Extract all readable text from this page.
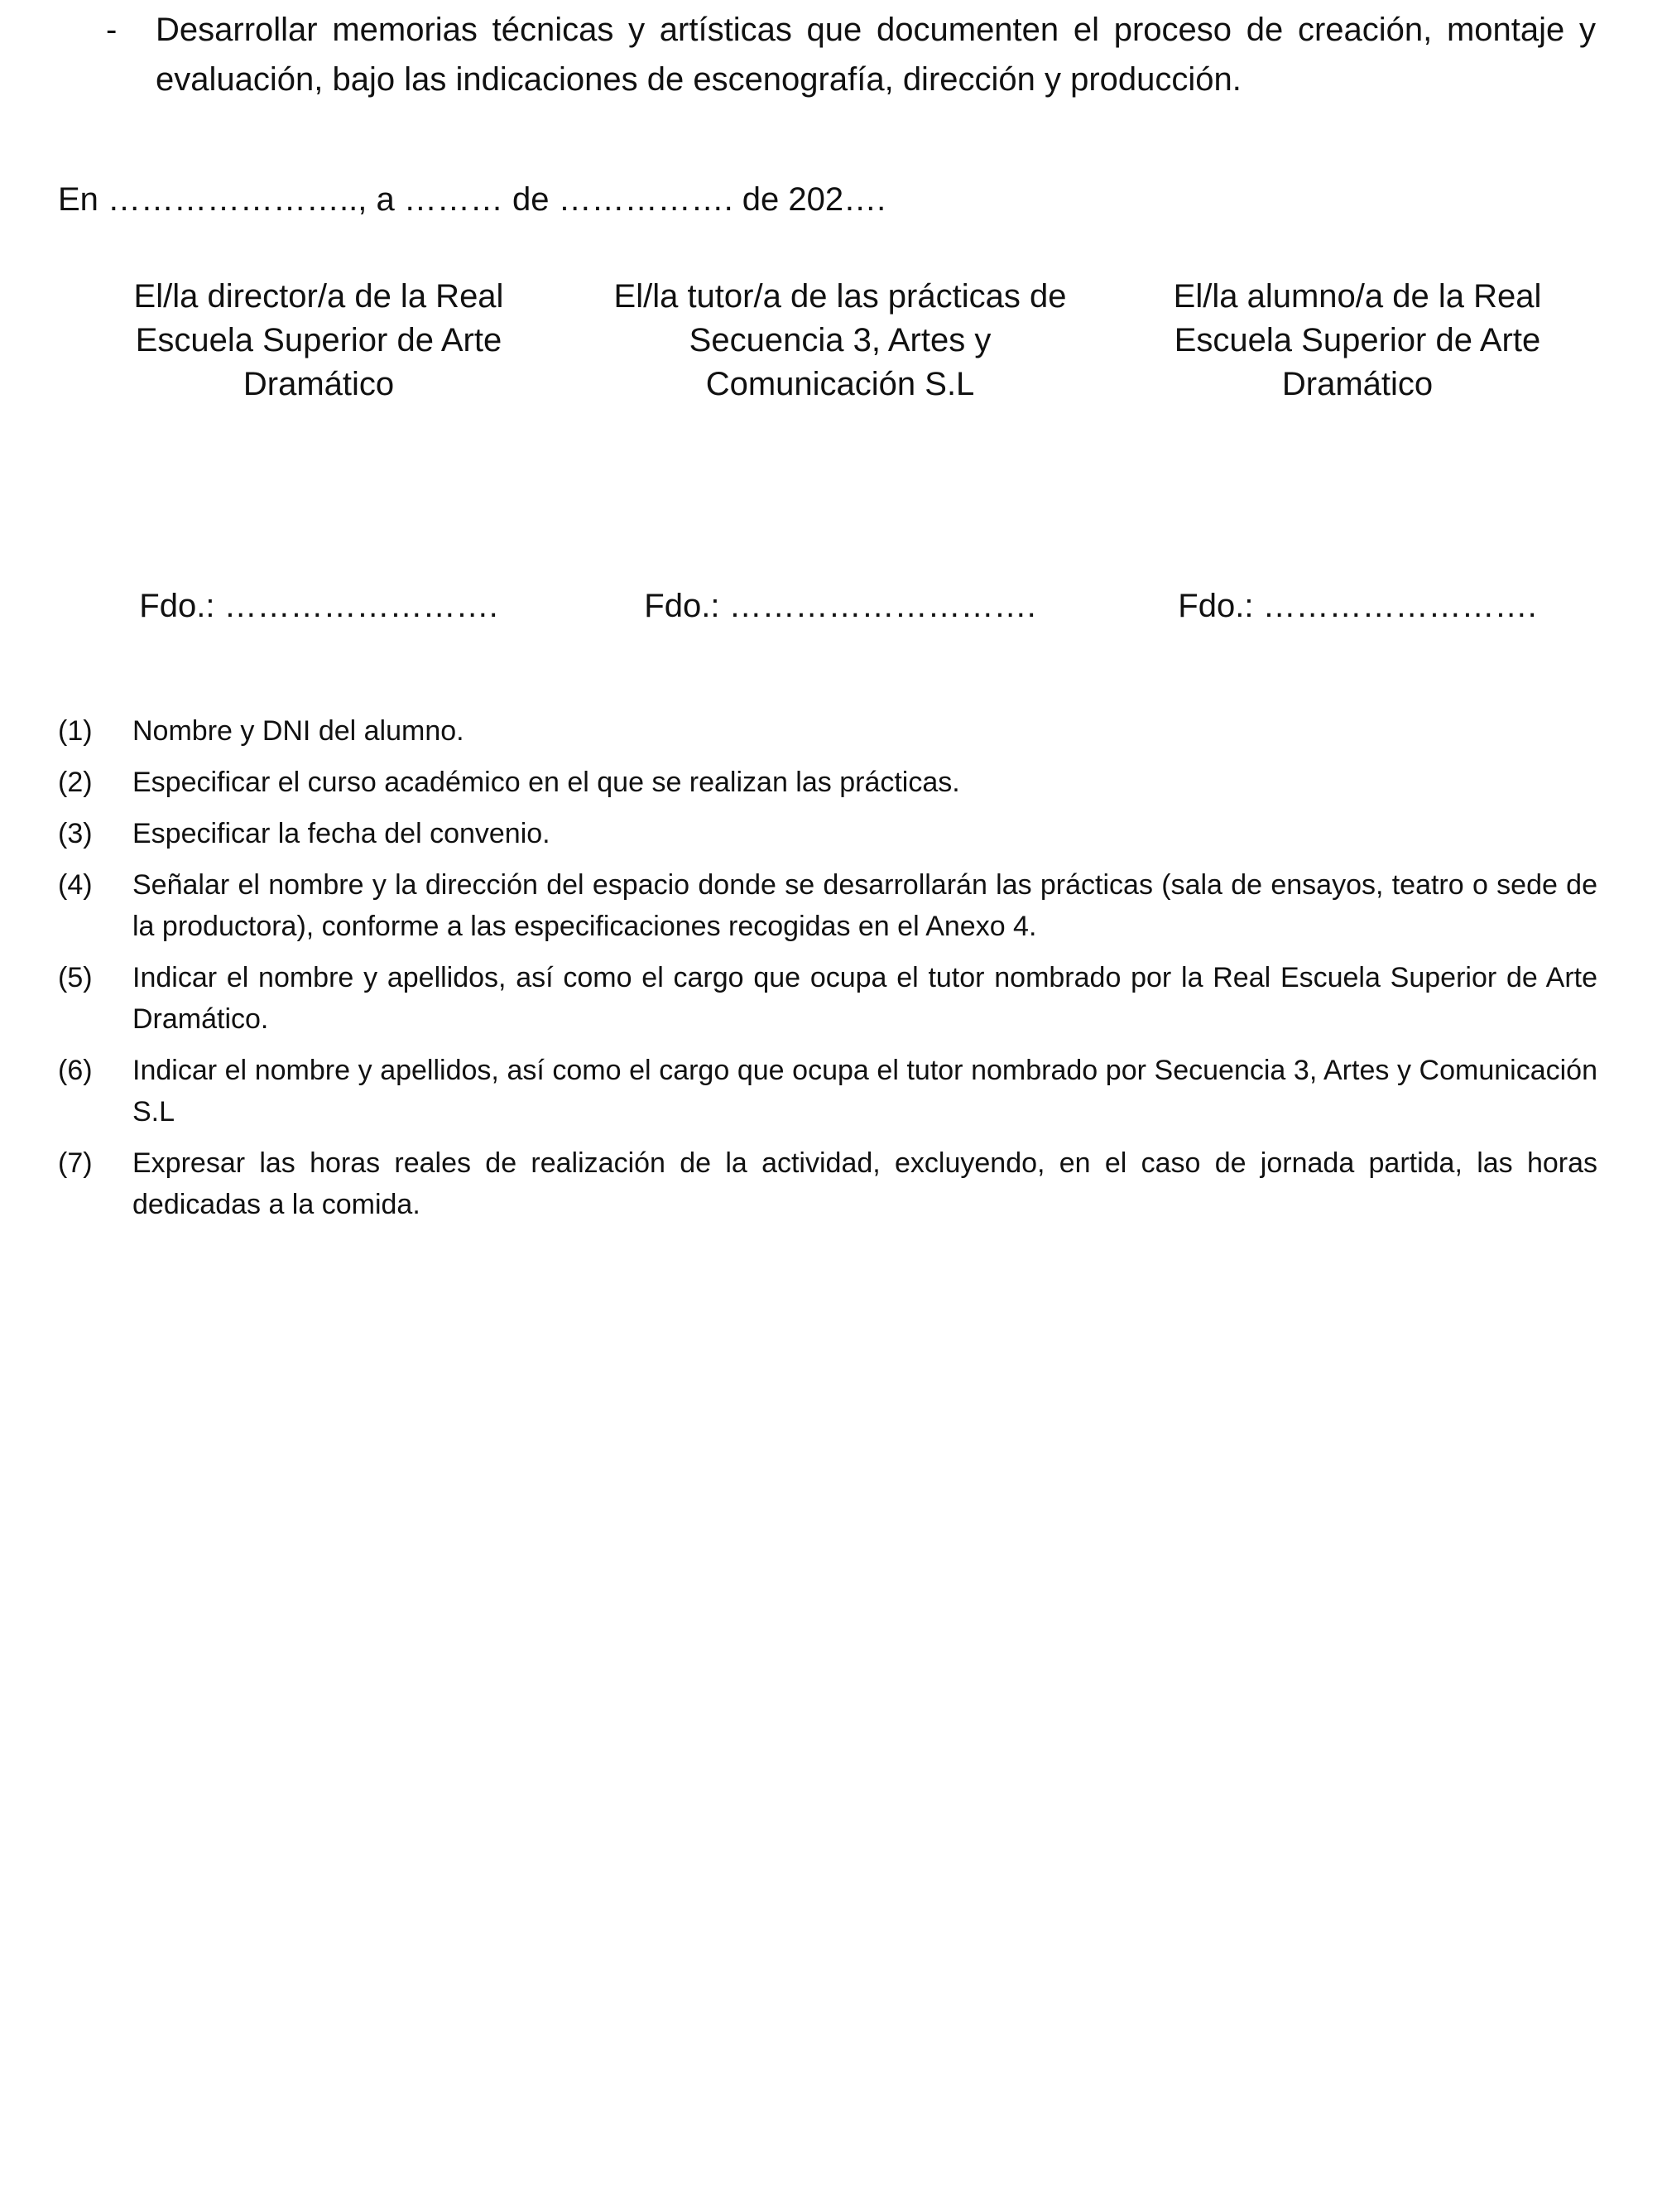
-	Desarrollar memorias técnicas y artísticas que documenten el proceso de creación, montaje y evaluación, bajo las indicaciones de escenografía, dirección y producción.
En ………………….., a ……… de ……………. de 202….

El/la director/a de la Real Escuela Superior de Arte Dramático

Fdo.: …………………….

El/la tutor/a de las prácticas de Secuencia 3, Artes y Comunicación S.L

Fdo.: ……………………….

El/la alumno/a de la Real Escuela Superior de Arte Dramático

Fdo.: …………………….
(1)	Nombre y DNI del alumno.
(2)	Especificar el curso académico en el que se realizan las prácticas.
(3)	Especificar la fecha del convenio.
(4)	Señalar el nombre y la dirección del espacio donde se desarrollarán las prácticas (sala de ensayos, teatro o sede de la productora), conforme a las especificaciones recogidas en el Anexo 4.
(5)	Indicar el nombre y apellidos, así como el cargo que ocupa el tutor nombrado por la Real Escuela Superior de Arte Dramático.
(6)	Indicar el nombre y apellidos, así como el cargo que ocupa el tutor nombrado por Secuencia 3, Artes y Comunicación S.L
(7)	Expresar las horas reales de realización de la actividad, excluyendo, en el caso de jornada partida, las horas dedicadas a la comida.
